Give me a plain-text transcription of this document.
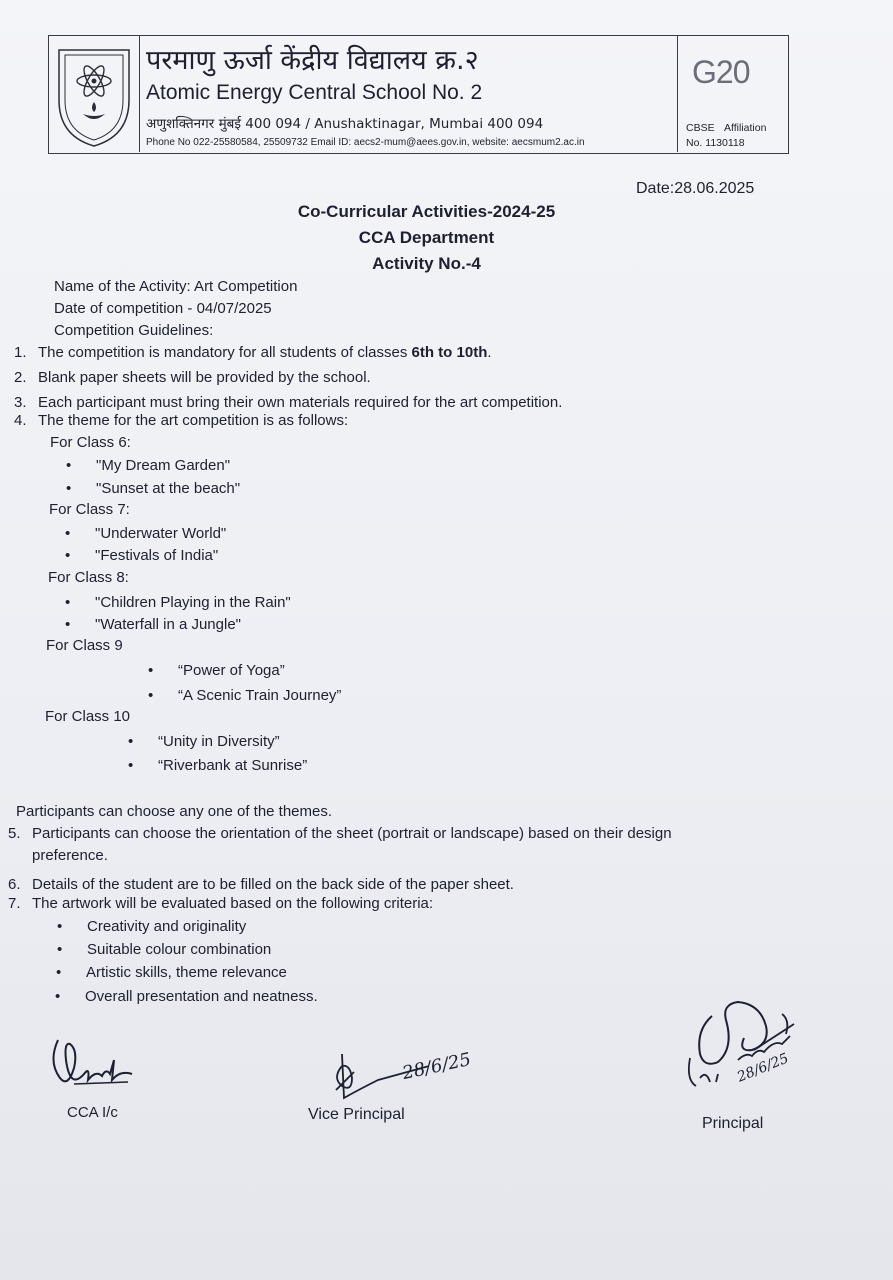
परमाणु ऊर्जा केंद्रीय विद्यालय क्र.२
Atomic Energy Central School No. 2
अणुशक्तिनगर मुंबई 400 094 / Anushaktinagar, Mumbai 400 094
Phone No 022-25580584, 25509732 Email ID: aecs2-mum@aees.gov.in, website: aecsmum2.ac.in
G20
CBSE Affiliation
No. 1130118
Date:28.06.2025
Co-Curricular Activities-2024-25
CCA Department
Activity No.-4
Name of the Activity: Art Competition
Date of competition - 04/07/2025
Competition Guidelines:
1. The competition is mandatory for all students of classes 6th to 10th.
2. Blank paper sheets will be provided by the school.
3. Each participant must bring their own materials required for the art competition.
4. The theme for the art competition is as follows:
For Class 6:
• "My Dream Garden"
• "Sunset at the beach"
For Class 7:
• "Underwater World"
• "Festivals of India"
For Class 8:
• "Children Playing in the Rain"
• "Waterfall in a Jungle"
For Class 9
• “Power of Yoga”
• “A Scenic Train Journey”
For Class 10
• “Unity in Diversity”
• “Riverbank at Sunrise”
Participants can choose any one of the themes.
5. Participants can choose the orientation of the sheet (portrait or landscape) based on their design
preference.
6. Details of the student are to be filled on the back side of the paper sheet.
7. The artwork will be evaluated based on the following criteria:
• Creativity and originality
• Suitable colour combination
• Artistic skills, theme relevance
• Overall presentation and neatness.
CCA I/c
28/6/25
Vice Principal
28/6/25
Principal
